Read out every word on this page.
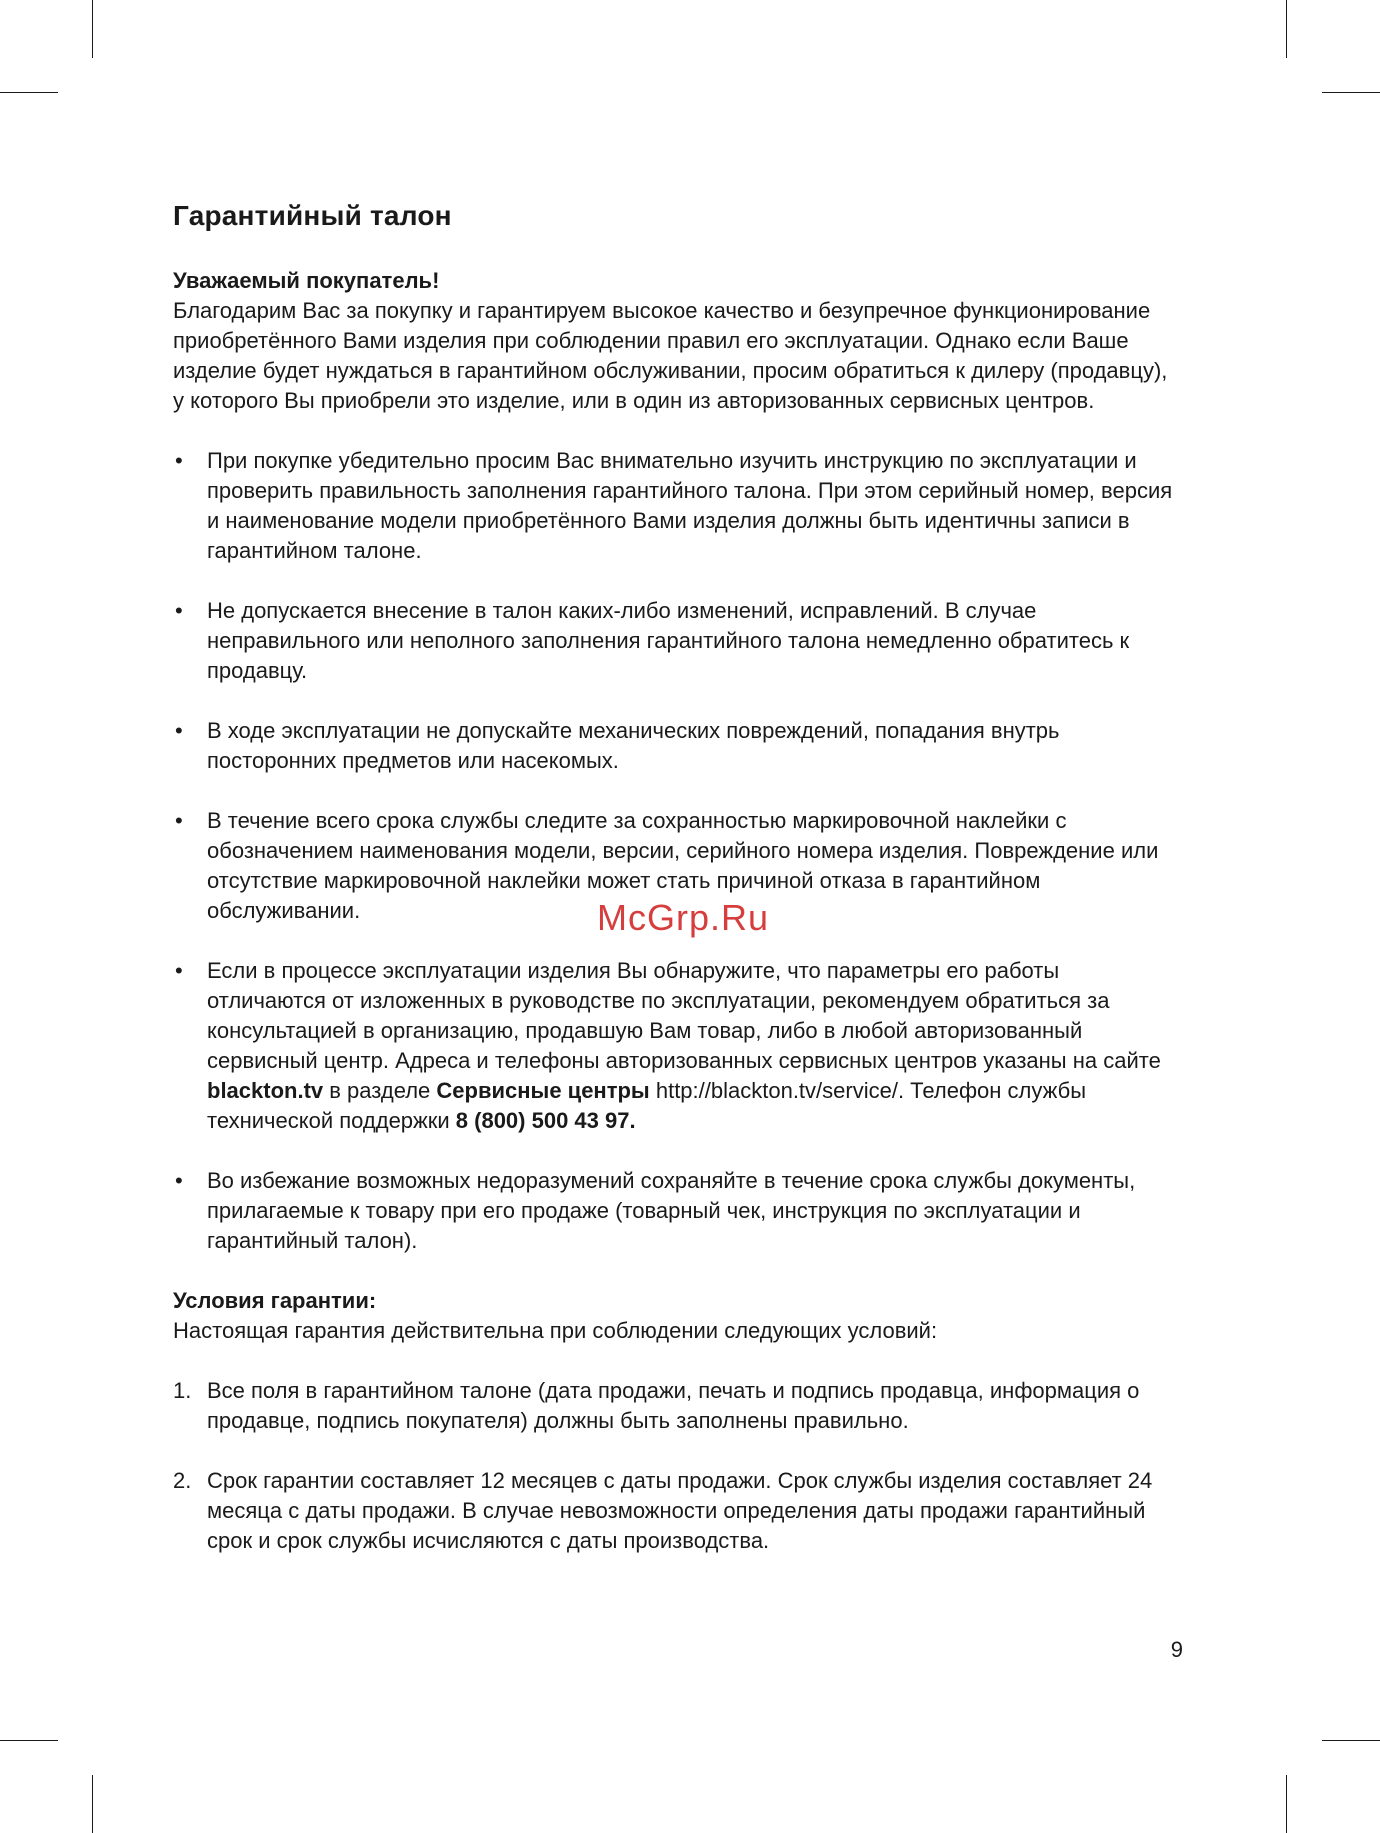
Гарантийный талон

Уважаемый покупатель!

Благодарим Вас за покупку и гарантируем высокое качество и безупречное функционирование приобретённого Вами изделия при соблюдении правил его эксплуатации. Однако если Ваше изделие будет нуждаться в гарантийном обслуживании, просим обратиться к дилеру (продавцу), у которого Вы приобрели это изделие, или в один из авторизованных сервисных центров.

• При покупке убедительно просим Вас внимательно изучить инструкцию по эксплуатации и проверить правильность заполнения гарантийного талона. При этом серийный номер, версия и наименование модели приобретённого Вами изделия должны быть идентичны записи в гарантийном талоне.

• Не допускается внесение в талон каких-либо изменений, исправлений. В случае неправильного или неполного заполнения гарантийного талона немедленно обратитесь к продавцу.

• В ходе эксплуатации не допускайте механических повреждений, попадания внутрь посторонних предметов или насекомых.

• В течение всего срока службы следите за сохранностью маркировочной наклейки с обозначением наименования модели, версии, серийного номера изделия. Повреждение или отсутствие маркировочной наклейки может стать причиной отказа в гарантийном обслуживании.

• Если в процессе эксплуатации изделия Вы обнаружите, что параметры его работы отличаются от изложенных в руководстве по эксплуатации, рекомендуем обратиться за консультацией в организацию, продавшую Вам товар, либо в любой авторизованный сервисный центр. Адреса и телефоны авторизованных сервисных центров указаны на сайте blackton.tv в разделе Сервисные центры http://blackton.tv/service/. Телефон службы технической поддержки 8 (800) 500 43 97.

• Во избежание возможных недоразумений сохраняйте в течение срока службы документы, прилагаемые к товару при его продаже (товарный чек, инструкция по эксплуатации и гарантийный талон).

Условия гарантии:

Настоящая гарантия действительна при соблюдении следующих условий:

1. Все поля в гарантийном талоне (дата продажи, печать и подпись продавца, информация о продавце, подпись покупателя) должны быть заполнены правильно.

2. Срок гарантии составляет 12 месяцев с даты продажи. Срок службы изделия составляет 24 месяца с даты продажи. В случае невозможности определения даты продажи гарантийный срок и срок службы исчисляются с даты производства.

9
McGrp.Ru
